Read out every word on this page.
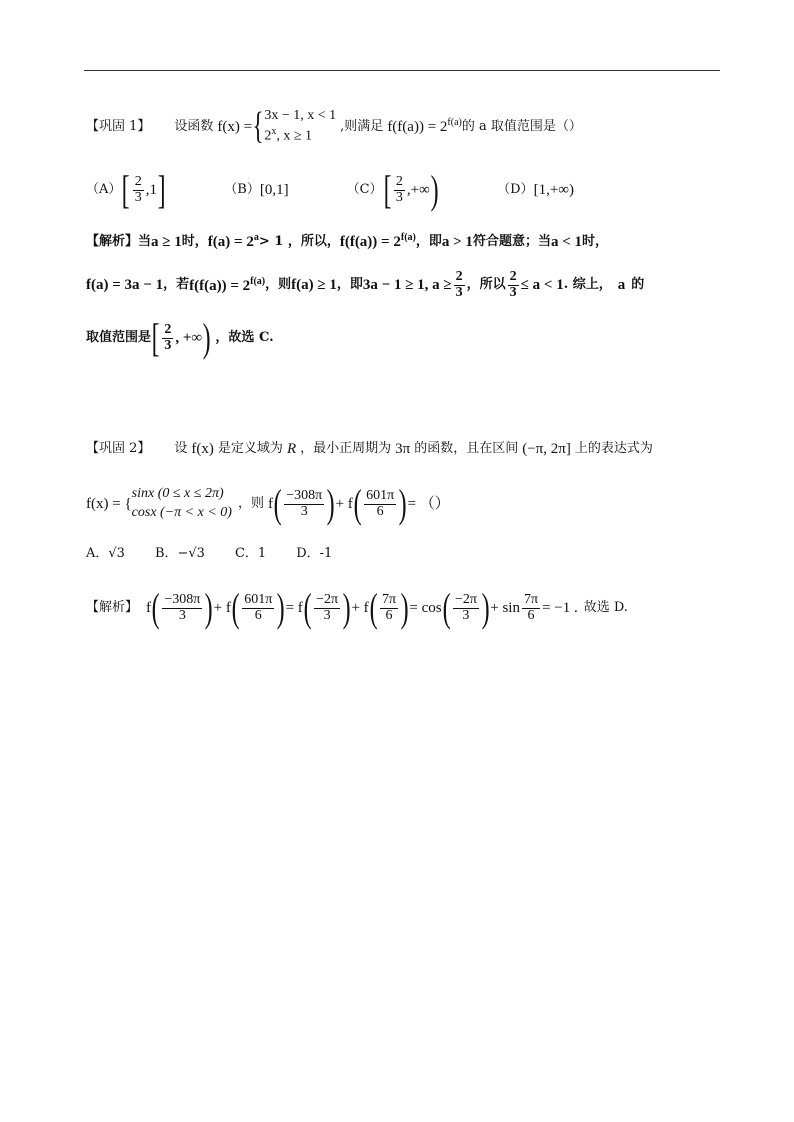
【巩固 1】 设函数 f(x) = { 3x − 1, x < 1
2$^x$, x ≥ 1
,则满足 $f(f(a)) = 2^{f(a)}$ 的 a 取值范围是（）
（A） [ $\frac{2}{3} ,1$ ]	（B） [ 0,1 ]	（C） [ $\frac{2}{3}$ ,+∞ )	（D） [ 1,+∞ )
【解析】 当 a ≥ 1 时， $f(a) = 2^a > 1$ ，所以， $f(f(a)) = 2^{f(a)}$ ，即 a > 1 符合题意；当 a < 1 时，
f(a) = 3a − 1 ，若 $f(f(a)) = 2^{f(a)}$ ，则 f(a) ≥ 1 ，即 3a − 1 ≥ 1, $a \ge \frac{2}{3}$ ，所以 $\frac{2}{3} \le a < 1$ . 综上， a 的
取值范围是 [ $\frac{2}{3}$ , +∞ ) ，故选 C.
【巩固 2】 设 f(x) 是定义域为 R ，最小正周期为 3π 的函数，且在区间 (−π, 2π] 上的表达式为
f(x) = {
sinx (0 ≤ x ≤ 2π)
cosx (−π < x < 0)
，则 f ( $\frac{-308\pi}{3}$ ) + f ( $\frac{601\pi}{6}$ ) = （）
A．√3 B．−√3 C．1 D．-1
【解析】 f ( $\frac{-308\pi}{3}$ ) + f ( $\frac{601\pi}{6}$ ) = f ( $\frac{-2\pi}{3}$ ) + f ( $\frac{7\pi}{6}$ ) = cos ( $\frac{-2\pi}{3}$ ) + $\sin \frac{7\pi}{6} = -1$ . 故选 D.
